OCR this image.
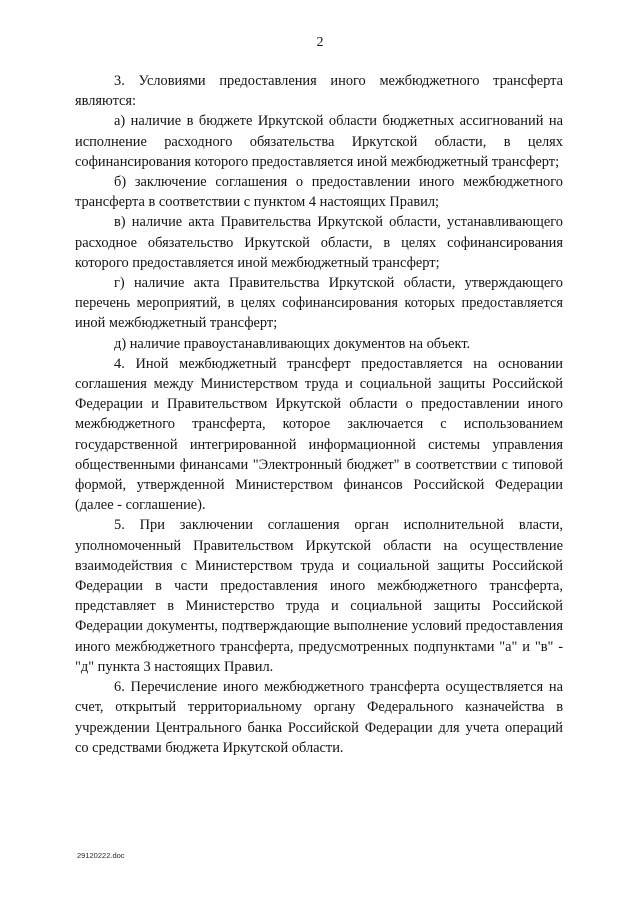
2

3. Условиями предоставления иного межбюджетного трансферта являются:

а) наличие в бюджете Иркутской области бюджетных ассигнований на исполнение расходного обязательства Иркутской области, в целях софинансирования которого предоставляется иной межбюджетный трансферт;

б) заключение соглашения о предоставлении иного межбюджетного трансферта в соответствии с пунктом 4 настоящих Правил;

в) наличие акта Правительства Иркутской области, устанавливающего расходное обязательство Иркутской области, в целях софинансирования которого предоставляется иной межбюджетный трансферт;

г) наличие акта Правительства Иркутской области, утверждающего перечень мероприятий, в целях софинансирования которых предоставляется иной межбюджетный трансферт;

д) наличие правоустанавливающих документов на объект.

4. Иной межбюджетный трансферт предоставляется на основании соглашения между Министерством труда и социальной защиты Российской Федерации и Правительством Иркутской области о предоставлении иного межбюджетного трансферта, которое заключается с использованием государственной интегрированной информационной системы управления общественными финансами "Электронный бюджет" в соответствии с типовой формой, утвержденной Министерством финансов Российской Федерации (далее - соглашение).

5. При заключении соглашения орган исполнительной власти, уполномоченный Правительством Иркутской области на осуществление взаимодействия с Министерством труда и социальной защиты Российской Федерации в части предоставления иного межбюджетного трансферта, представляет в Министерство труда и социальной защиты Российской Федерации документы, подтверждающие выполнение условий предоставления иного межбюджетного трансферта, предусмотренных подпунктами "а" и "в" - "д" пункта 3 настоящих Правил.

6. Перечисление иного межбюджетного трансферта осуществляется на счет, открытый территориальному органу Федерального казначейства в учреждении Центрального банка Российской Федерации для учета операций со средствами бюджета Иркутской области.

29120222.doc
